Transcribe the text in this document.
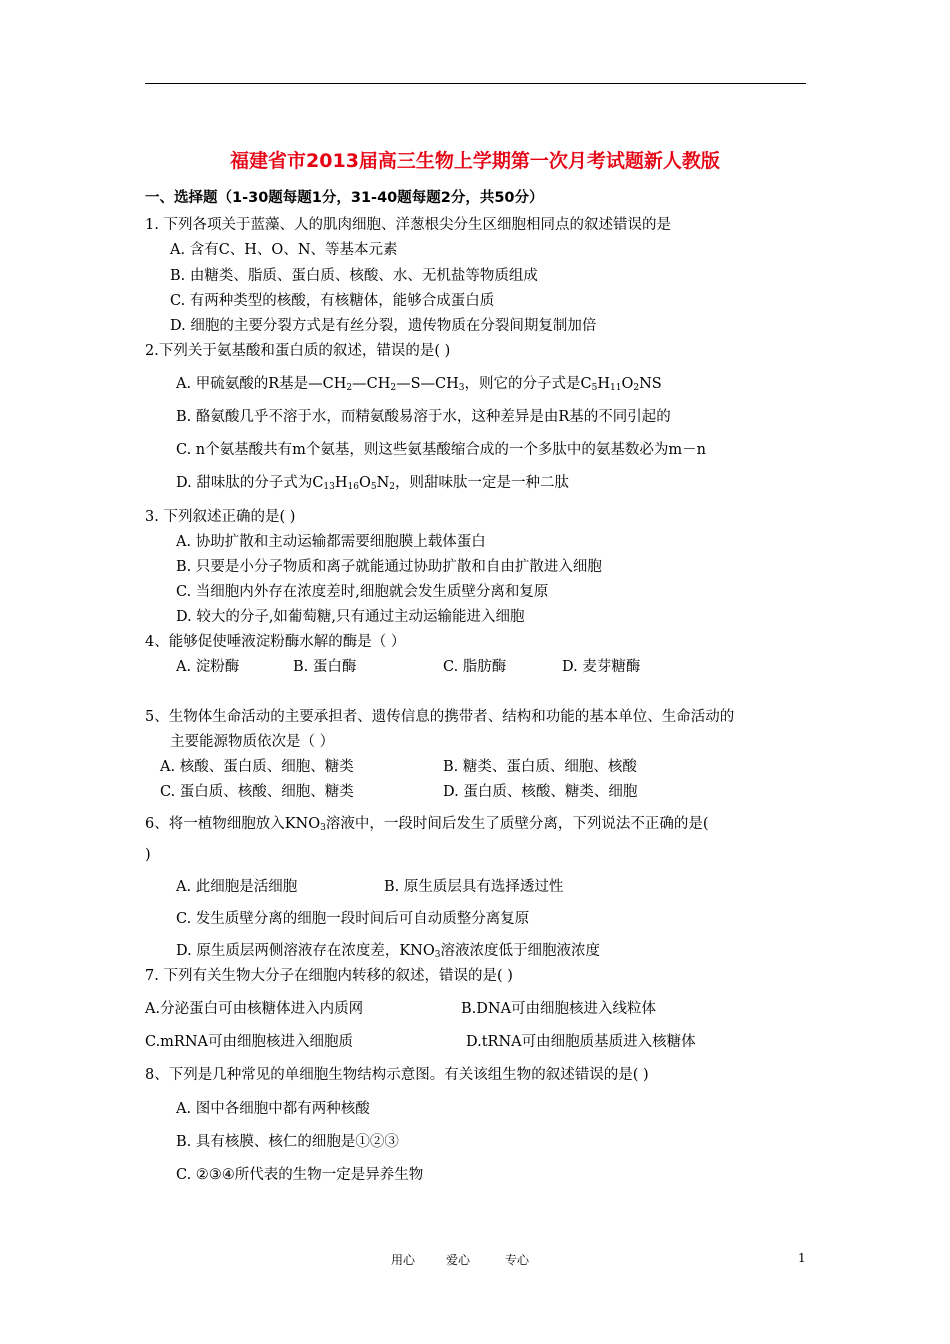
福建省市2013届高三生物上学期第一次月考试题新人教版
一、选择题（1-30题每题1分，31-40题每题2分，共50分）
1. 下列各项关于蓝藻、人的肌肉细胞、洋葱根尖分生区细胞相同点的叙述错误的是
A. 含有C、H、O、N、等基本元素
B. 由糖类、脂质、蛋白质、核酸、水、无机盐等物质组成
C. 有两种类型的核酸，有核糖体，能够合成蛋白质
D. 细胞的主要分裂方式是有丝分裂，遗传物质在分裂间期复制加倍
2.下列关于氨基酸和蛋白质的叙述，错误的是( )
A. 甲硫氨酸的R基是$—CH_2—CH_2—S—CH_3$，则它的分子式是$C_5H_{11}O_2NS$
B. 酪氨酸几乎不溶于水，而精氨酸易溶于水，这种差异是由R基的不同引起的
C. n个氨基酸共有m个氨基，则这些氨基酸缩合成的一个多肽中的氨基数必为m－n
D. 甜味肽的分子式为$C_{13}H_{16}O_5N_2$，则甜味肽一定是一种二肽
3. 下列叙述正确的是( )
A. 协助扩散和主动运输都需要细胞膜上载体蛋白
B. 只要是小分子物质和离子就能通过协助扩散和自由扩散进入细胞
C. 当细胞内外存在浓度差时,细胞就会发生质壁分离和复原
D. 较大的分子,如葡萄糖,只有通过主动运输能进入细胞
4、能够促使唾液淀粉酶水解的酶是（ ）
A. 淀粉酶	B. 蛋白酶	C. 脂肪酶	D. 麦芽糖酶
5、生物体生命活动的主要承担者、遗传信息的携带者、结构和功能的基本单位、生命活动的
主要能源物质依次是（ ）
A. 核酸、蛋白质、细胞、糖类	B. 糖类、蛋白质、细胞、核酸
C. 蛋白质、核酸、细胞、糖类	D. 蛋白质、核酸、糖类、细胞
6、将一植物细胞放入$KNO_3$溶液中，一段时间后发生了质壁分离，下列说法不正确的是(
)
A. 此细胞是活细胞	B. 原生质层具有选择透过性
C. 发生质壁分离的细胞一段时间后可自动质整分离复原
D. 原生质层两侧溶液存在浓度差，$KNO_3$溶液浓度低于细胞液浓度
7. 下列有关生物大分子在细胞内转移的叙述，错误的是( )
A.分泌蛋白可由核糖体进入内质网	B.DNA可由细胞核进入线粒体
C.mRNA可由细胞核进入细胞质	D.tRNA可由细胞质基质进入核糖体
8、下列是几种常见的单细胞生物结构示意图。有关该组生物的叙述错误的是( )
A. 图中各细胞中都有两种核酸
B. 具有核膜、核仁的细胞是①②③
C. ②③④所代表的生物一定是异养生物
用心	爱心	专心	1
